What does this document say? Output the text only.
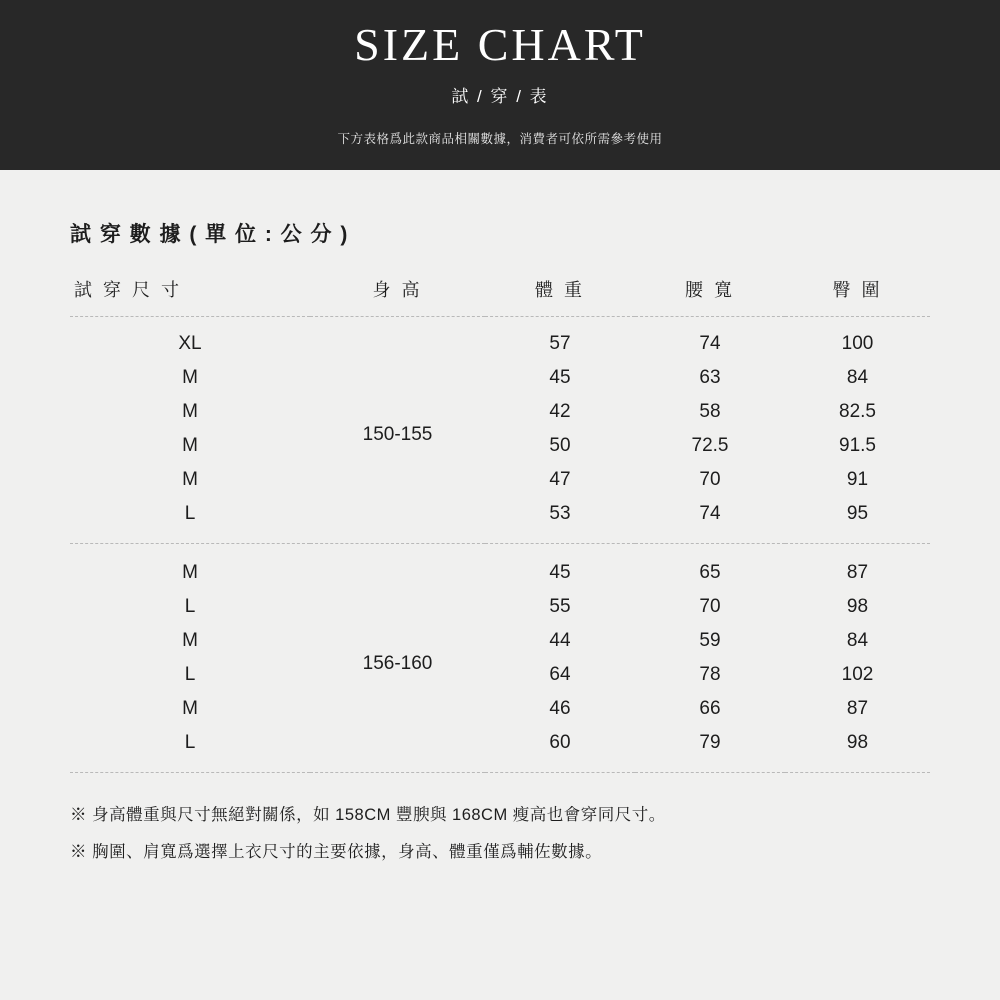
SIZE CHART
試 / 穿 / 表
下方表格爲此款商品相關數據，消費者可依所需參考使用
試 穿 數 據 ( 單 位 : 公 分 )
試 穿 尺 寸	身 高	體 重	腰 寬	臀 圍
XL	150-155	57	74	100
M		45	63	84
M		42	58	82.5
M		50	72.5	91.5
M		47	70	91
L		53	74	95
M	156-160	45	65	87
L		55	70	98
M		44	59	84
L		64	78	102
M		46	66	87
L		60	79	98
※ 身高體重與尺寸無絕對關係，如 158CM 豐腴與 168CM 瘦高也會穿同尺寸。
※ 胸圍、肩寬爲選擇上衣尺寸的主要依據，身高、體重僅爲輔佐數據。
